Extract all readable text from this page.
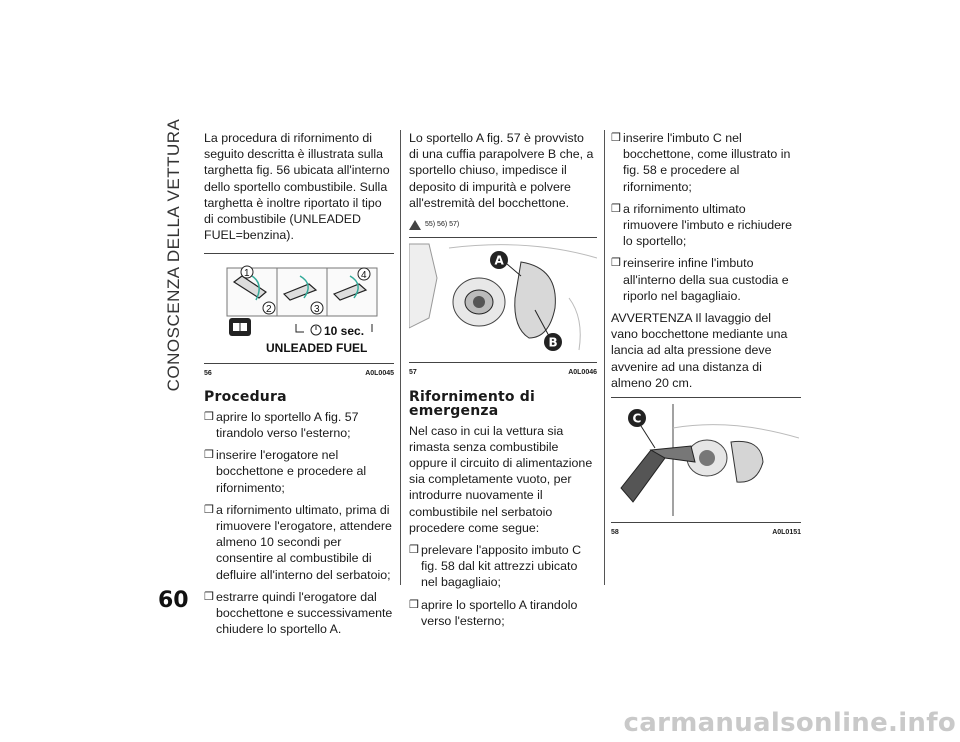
CONOSCENZA DELLA VETTURA
60

La procedura di rifornimento di seguito descritta è illustrata sulla targhetta fig. 56 ubicata all'interno dello sportello combustibile. Sulla targhetta è inoltre riportato il tipo di combustibile (UNLEADED FUEL=benzina).

1
2	3
4
10 sec.
UNLEADED FUEL
56	A0L0045
Procedura
❒ aprire lo sportello A fig. 57 tirandolo verso l'esterno;
❒ inserire l'erogatore nel bocchettone e procedere al rifornimento;
❒ a rifornimento ultimato, prima di rimuovere l'erogatore, attendere almeno 10 secondi per consentire al combustibile di defluire all'interno del serbatoio;
❒ estrarre quindi l'erogatore dal bocchettone e successivamente chiudere lo sportello A.

Lo sportello A fig. 57 è provvisto di una cuffia parapolvere B che, a sportello chiuso, impedisce il deposito di impurità e polvere all'estremità del bocchettone.

55) 56) 57)
A
B
57	A0L0046
Rifornimento di emergenza

Nel caso in cui la vettura sia rimasta senza combustibile oppure il circuito di alimentazione sia completamente vuoto, per introdurre nuovamente il combustibile nel serbatoio procedere come segue:

❒ prelevare l'apposito imbuto C fig. 58 dal kit attrezzi ubicato nel bagagliaio;
❒ aprire lo sportello A tirandolo verso l'esterno;
❒ inserire l'imbuto C nel bocchettone, come illustrato in fig. 58 e procedere al rifornimento;
❒ a rifornimento ultimato rimuovere l'imbuto e richiudere lo sportello;
❒ reinserire infine l'imbuto all'interno della sua custodia e riporlo nel bagagliaio.

AVVERTENZA Il lavaggio del vano bocchettone mediante una lancia ad alta pressione deve avvenire ad una distanza di almeno 20 cm.

C
58	A0L0151
carmanualsonline.info
